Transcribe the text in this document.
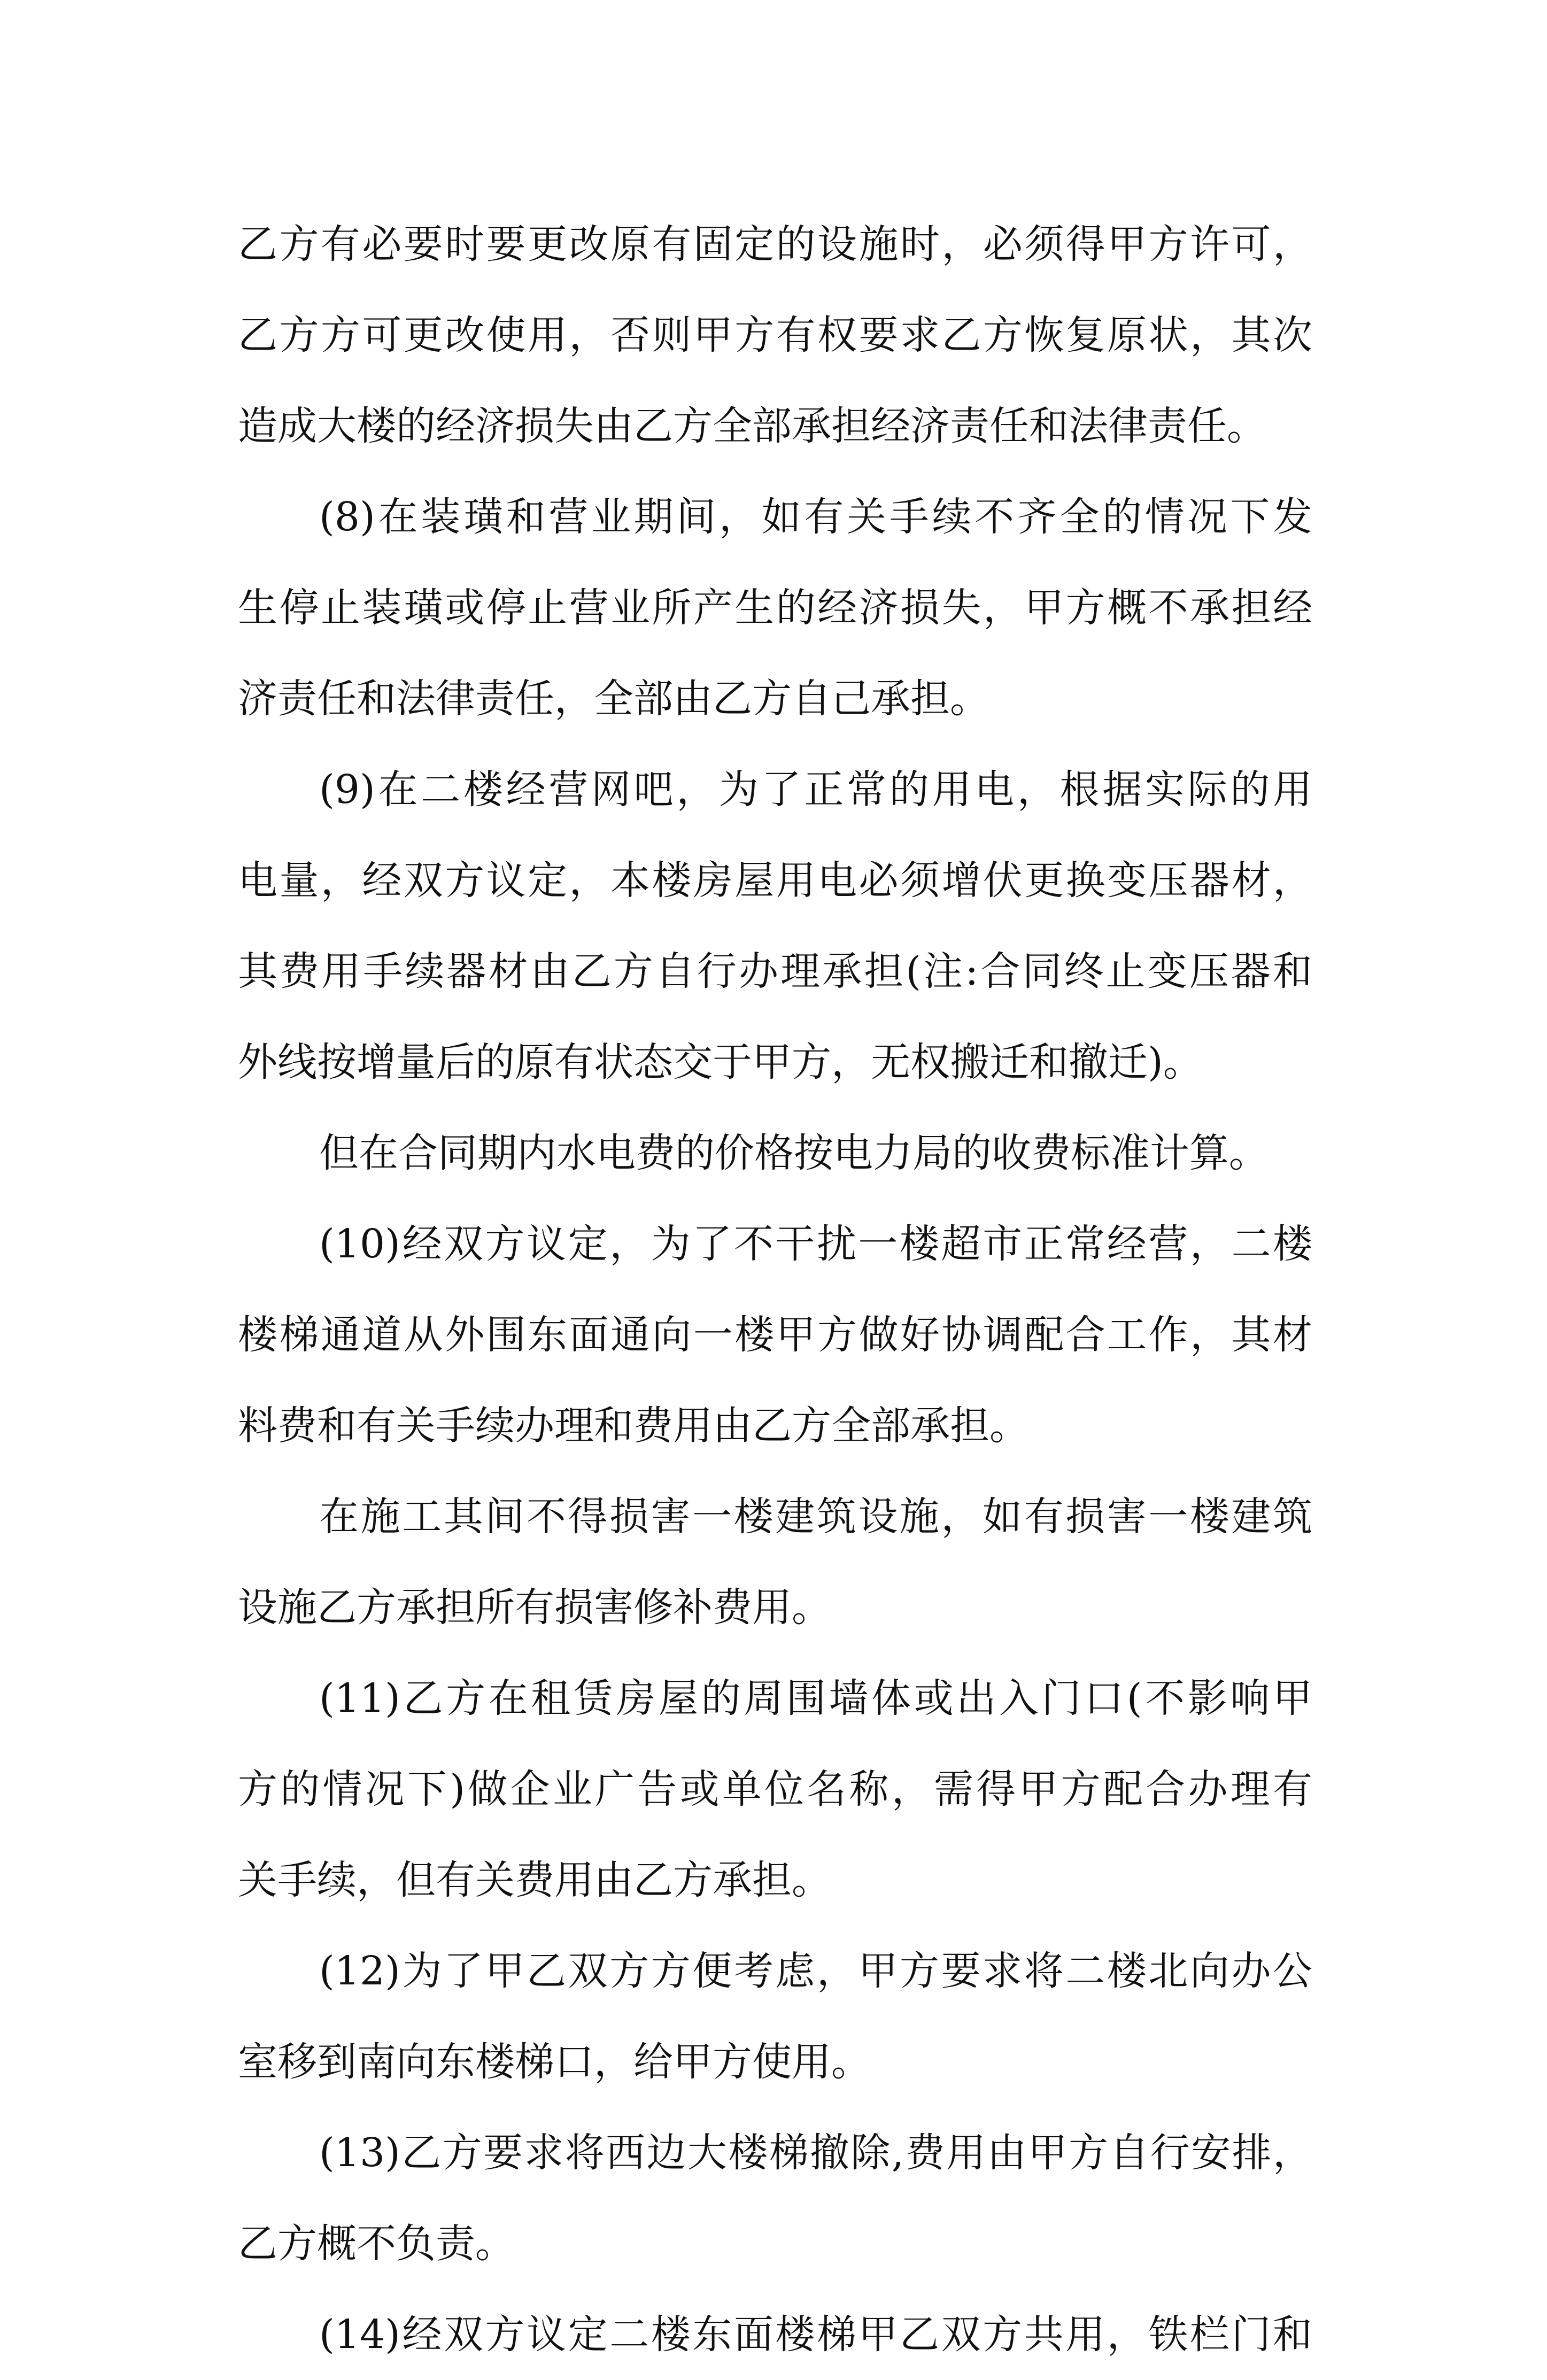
乙方有必要时要更改原有固定的设施时，必须得甲方许可，
乙方方可更改使用，否则甲方有权要求乙方恢复原状，其次
造成大楼的经济损失由乙方全部承担经济责任和法律责任。
(8)在装璜和营业期间，如有关手续不齐全的情况下发
生停止装璜或停止营业所产生的经济损失，甲方概不承担经
济责任和法律责任，全部由乙方自己承担。
(9)在二楼经营网吧，为了正常的用电，根据实际的用
电量，经双方议定，本楼房屋用电必须增伏更换变压器材，
其费用手续器材由乙方自行办理承担(注:合同终止变压器和
外线按增量后的原有状态交于甲方，无权搬迁和撤迁)。
但在合同期内水电费的价格按电力局的收费标准计算。
(10)经双方议定，为了不干扰一楼超市正常经营，二楼
楼梯通道从外围东面通向一楼甲方做好协调配合工作，其材
料费和有关手续办理和费用由乙方全部承担。
在施工其间不得损害一楼建筑设施，如有损害一楼建筑
设施乙方承担所有损害修补费用。
(11)乙方在租赁房屋的周围墙体或出入门口(不影响甲
方的情况下)做企业广告或单位名称，需得甲方配合办理有
关手续，但有关费用由乙方承担。
(12)为了甲乙双方方便考虑，甲方要求将二楼北向办公
室移到南向东楼梯口，给甲方使用。
(13)乙方要求将西边大楼梯撤除,费用由甲方自行安排，
乙方概不负责。
(14)经双方议定二楼东面楼梯甲乙双方共用，铁栏门和
